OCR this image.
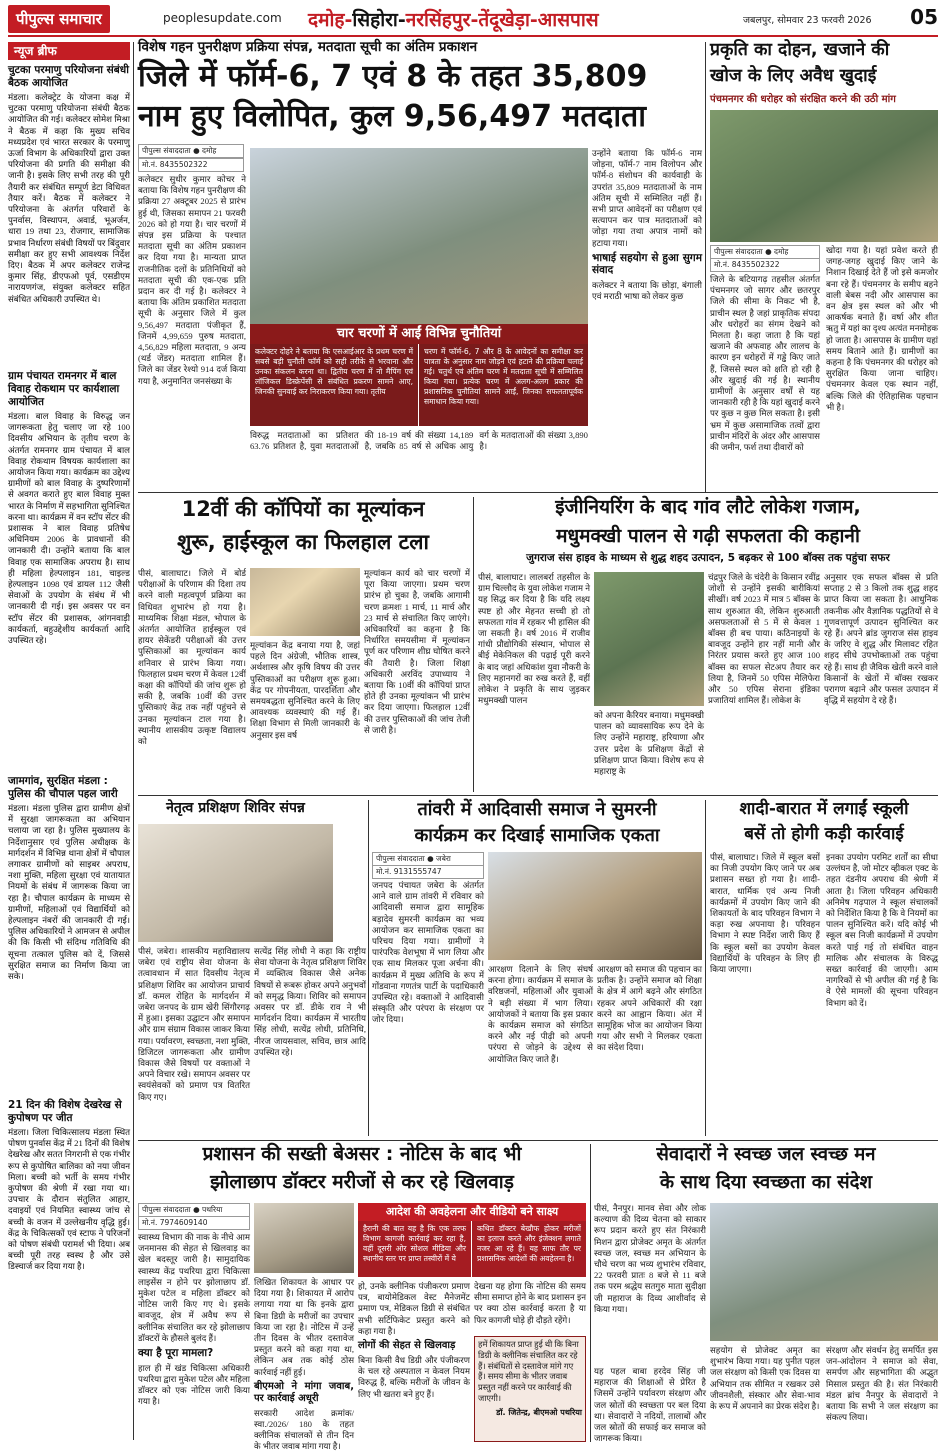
पीपुल्स समाचार	peoplesupdate.com दमोह-सिहोरा-नरसिंहपुर-तेंदूखेड़ा-आसपास	जबलपुर, सोमवार 23 फरवरी 2026 05
न्यूज ब्रीफ
चुटका परमाणु परियोजना संबंधी बैठक आयोजित
मंडला। कलेक्ट्रेट के योजना कक्ष में चुटका परमाणु परियोजना संबंधी बैठक आयोजित की गई। कलेक्टर सोमेश मिश्रा ने बैठक में कहा कि मुख्य सचिव मध्यप्रदेश एवं भारत सरकार के परमाणु ऊर्जा विभाग के अधिकारियों द्वारा उक्त परियोजना की प्रगति की समीक्षा की जानी है। इसके लिए सभी तरह की पूरी तैयारी कर संबंधित सम्पूर्ण डेटा विधिवत तैयार करें। बैठक में कलेक्टर ने परियोजना के अंतर्गत परिवारों के पुनर्वास, विस्थापन, अवार्ड, भूअर्जन, धारा 19 तथा 23, रोजगार, सामाजिक प्रभाव निर्धारण संबंधी विषयों पर बिंदुवार समीक्षा कर हुए सभी आवश्यक निर्देश दिए। बैठक में अपर कलेक्टर राजेन्द्र कुमार सिंह, डीएफओ पूर्व, एसडीएम नारायणगंज, संयुक्त कलेक्टर सहित संबंधित अधिकारी उपस्थित थे।
ग्राम पंचायत रामनगर में बाल विवाह रोकथाम पर कार्यशाला आयोजित
मंडला। बाल विवाह के विरुद्ध जन जागरूकता हेतु चलाए जा रहे 100 दिवसीय अभियान के तृतीय चरण के अंतर्गत रामनगर ग्राम पंचायत में बाल विवाह रोकथाम विषयक कार्यशाला का आयोजन किया गया। कार्यक्रम का उद्देश्य ग्रामीणों को बाल विवाह के दुष्परिणामों से अवगत कराते हुए बाल विवाह मुक्त भारत के निर्माण में सहभागिता सुनिश्चित करना था। कार्यक्रम में वन स्टॉप सेंटर की प्रशासक ने बाल विवाह प्रतिषेध अधिनियम 2006 के प्रावधानों की जानकारी दी। उन्होंने बताया कि बाल विवाह एक सामाजिक अपराध है। साथ ही महिला हेल्पलाइन 181, चाइल्ड हेल्पलाइन 1098 एवं डायल 112 जैसी सेवाओं के उपयोग के संबंध में भी जानकारी दी गई। इस अवसर पर वन स्टॉप सेंटर की प्रशासक, आंगनवाड़ी कार्यकर्ता, बहुउद्देशीय कार्यकर्ता आदि उपस्थित रहे।
जामगांव, सुरक्षित मंडला : पुलिस की चौपाल पहल जारी
मंडला। मंडला पुलिस द्वारा ग्रामीण क्षेत्रों में सुरक्षा जागरूकता का अभियान चलाया जा रहा है। पुलिस मुख्यालय के निर्देशानुसार एवं पुलिस अधीक्षक के मार्गदर्शन में विभिन्न थाना क्षेत्रों में चौपाल लगाकर ग्रामीणों को साइबर अपराध, नशा मुक्ति, महिला सुरक्षा एवं यातायात नियमों के संबंध में जागरूक किया जा रहा है। चौपाल कार्यक्रम के माध्यम से ग्रामीणों, महिलाओं एवं विद्यार्थियों को हेल्पलाइन नंबरों की जानकारी दी गई। पुलिस अधिकारियों ने आमजन से अपील की कि किसी भी संदिग्ध गतिविधि की सूचना तत्काल पुलिस को दें, जिससे सुरक्षित समाज का निर्माण किया जा सके।
21 दिन की विशेष देखरेख से कुपोषण पर जीत
मंडला। जिला चिकित्सालय मंडला स्थित पोषण पुनर्वास केंद्र में 21 दिनों की विशेष देखरेख और सतत निगरानी से एक गंभीर रूप से कुपोषित बालिका को नया जीवन मिला। बच्ची को भर्ती के समय गंभीर कुपोषण की श्रेणी में रखा गया था। उपचार के दौरान संतुलित आहार, दवाइयों एवं नियमित स्वास्थ्य जांच से बच्ची के वजन में उल्लेखनीय वृद्धि हुई। केंद्र के चिकित्सकों एवं स्टाफ ने परिजनों को पोषण संबंधी परामर्श भी दिया। अब बच्ची पूरी तरह स्वस्थ है और उसे डिस्चार्ज कर दिया गया है।
विशेष गहन पुनरीक्षण प्रक्रिया संपन्न, मतदाता सूची का अंतिम प्रकाशन
जिले में फॉर्म-6, 7 एवं 8 के तहत 35,809
नाम हुए विलोपित, कुल 9,56,497 मतदाता
पीपुल्स संवाददाता ● दमोह
मो.नं. 8435502322
चार चरणों में आईं विभिन्न चुनौतियां
कलेक्टर दोहरे ने बताया कि एसआईआर के प्रथम चरण में सबसे बड़ी चुनौती फॉर्म को सही तरीके से भरवाना और उनका संकलन करना था। द्वितीय चरण में नो मैपिंग एवं लॉजिकल डिस्क्रेपेंसी से संबंधित प्रकरण सामने आए, जिनकी सुनवाई कर निराकरण किया गया। तृतीय
चरण में फॉर्म-6, 7 और 8 के आवेदनों का समीक्षा कर पात्रता के अनुसार नाम जोड़ने एवं हटाने की प्रक्रिया चलाई गई। चतुर्थ एवं अंतिम चरण में मतदाता सूची में सम्मिलित किया गया। प्रत्येक चरण में अलग-अलग प्रकार की प्रशासनिक चुनौतियां सामने आईं, जिनका सफलतापूर्वक समाधान किया गया।
कलेक्टर सुधीर कुमार कोचर ने बताया कि विशेष गहन पुनरीक्षण की प्रक्रिया 27 अक्टूबर 2025 से प्रारंभ हुई थी, जिसका समापन 21 फरवरी 2026 को हो गया है। चार चरणों में संपन्न इस प्रक्रिया के पश्चात मतदाता सूची का अंतिम प्रकाशन कर दिया गया है। मान्यता प्राप्त राजनीतिक दलों के प्रतिनिधियों को मतदाता सूची की एक-एक प्रति प्रदान कर दी गई है। कलेक्टर ने बताया कि अंतिम प्रकाशित मतदाता सूची के अनुसार जिले में कुल 9,56,497 मतदाता पंजीकृत हैं, जिनमें 4,99,659 पुरुष मतदाता, 4,56,829 महिला मतदाता, 9 अन्य (थर्ड जेंडर) मतदाता शामिल हैं। जिले का जेंडर रेश्यो 914 दर्ज किया गया है, अनुमानित जनसंख्या के
विरुद्ध मतदाताओं का प्रतिशत 63.76 प्रतिशत है, युवा मतदाताओं की 18-19 वर्ष की संख्या 14,189 है, जबकि 85 वर्ष से अधिक आयु वर्ग के मतदाताओं की संख्या 3,890 है।
उन्होंने बताया कि फॉर्म-6 नाम जोड़ना, फॉर्म-7 नाम विलोपन और फॉर्म-8 संशोधन की कार्यवाही के उपरांत 35,809 मतदाताओं के नाम अंतिम सूची में सम्मिलित नहीं हैं। सभी प्राप्त आवेदनों का परीक्षण एवं सत्यापन कर पात्र मतदाताओं को जोड़ा गया तथा अपात्र नामों को हटाया गया।
भाषाई सहयोग से हुआ सुगम संवाद
कलेक्टर ने बताया कि छोड़ा, बंगाली एवं मराठी भाषा को लेकर कुछ
प्रकृति का दोहन, खजाने की
खोज के लिए अवैध खुदाई
पंचमनगर की धरोहर को संरक्षित करने की उठी मांग
पीपुल्स संवाददाता ● दमोह
मो.नं. 8435502322
जिले के बटियागढ़ तहसील अंतर्गत पंचमनगर जो सागर और छतरपुर जिले की सीमा के निकट भी है, प्राचीन स्थल है जहां प्राकृतिक संपदा और धरोहरों का संगम देखने को मिलता है। कहा जाता है कि यहां खजाने की अफवाह और लालच के कारण इन धरोहरों में गड्ढे किए जाते हैं, जिससे स्थल को क्षति हो रही है और खुदाई की गई है। स्थानीय ग्रामीणों के अनुसार वर्षों से यह जानकारी रही है कि यहां खुदाई करने पर कुछ न कुछ मिल सकता है। इसी भ्रम में कुछ असामाजिक तत्वों द्वारा प्राचीन मंदिरों के अंदर और आसपास की जमीन, फर्श तथा दीवारों को
खोदा गया है। यहां प्रवेश करते ही जगह-जगह खुदाई किए जाने के निशान दिखाई देते हैं जो इसे कमजोर बना रहे हैं। पंचमनगर के समीप बहने वाली बेबस नदी और आसपास का वन क्षेत्र इस स्थल को और भी आकर्षक बनाते हैं। वर्षा और शीत ऋतु में यहां का दृश्य अत्यंत मनमोहक हो जाता है। आसपास के ग्रामीण यहां समय बिताने आते हैं। ग्रामीणों का कहना है कि पंचमनगर की धरोहर को सुरक्षित किया जाना चाहिए। पंचमनगर केवल एक स्थान नहीं, बल्कि जिले की ऐतिहासिक पहचान भी है।
12वीं की कॉपियों का मूल्यांकन
शुरू, हाईस्कूल का फिलहाल टला
पीसं, बालाघाट। जिले में बोर्ड परीक्षाओं के परिणाम की दिशा तय करने वाली महत्वपूर्ण प्रक्रिया का विधिवत शुभारंभ हो गया है। माध्यमिक शिक्षा मंडल, भोपाल के अंतर्गत आयोजित हाईस्कूल एवं हायर सेकेंडरी परीक्षाओं की उत्तर पुस्तिकाओं का मूल्यांकन कार्य शनिवार से प्रारंभ किया गया। फिलहाल प्रथम चरण में केवल 12वीं कक्षा की कॉपियों की जांच शुरू हो सकी है, जबकि 10वीं की उत्तर पुस्तिकाएं केंद्र तक नहीं पहुंचने से उनका मूल्यांकन टाल गया है। स्थानीय शासकीय उत्कृष्ट विद्यालय को
मूल्यांकन केंद्र बनाया गया है, जहां पहले दिन अंग्रेजी, भौतिक शास्त्र, अर्थशास्त्र और कृषि विषय की उत्तर पुस्तिकाओं का परीक्षण शुरू हुआ। केंद्र पर गोपनीयता, पारदर्शिता और समयबद्धता सुनिश्चित करने के लिए आवश्यक व्यवस्थाएं की गई हैं। शिक्षा विभाग से मिली जानकारी के अनुसार इस वर्ष
मूल्यांकन कार्य को चार चरणों में पूरा किया जाएगा। प्रथम चरण प्रारंभ हो चुका है, जबकि आगामी चरण क्रमशः 1 मार्च, 11 मार्च और 23 मार्च से संचालित किए जाएंगे। अधिकारियों का कहना है कि निर्धारित समयसीमा में मूल्यांकन पूर्ण कर परिणाम शीघ्र घोषित करने की तैयारी है। जिला शिक्षा अधिकारी अरविंद उपाध्याय ने बताया कि 10वीं की कॉपियां प्राप्त होते ही उनका मूल्यांकन भी प्रारंभ कर दिया जाएगा। फिलहाल 12वीं की उत्तर पुस्तिकाओं की जांच तेजी से जारी है।
इंजीनियरिंग के बाद गांव लौटे लोकेश गजाम,
मधुमक्खी पालन से गढ़ी सफलता की कहानी
जुगराज संस हाइव के माध्यम से शुद्ध शहद उत्पादन, 5 बढ़कर से 100 बॉक्स तक पहुंचा सफर
पीसं, बालाघाट। लालबर्रा तहसील के ग्राम चिल्लौद के युवा लोकेश गजाम ने यह सिद्ध कर दिया है कि यदि लक्ष्य स्पष्ट हो और मेहनत सच्ची हो तो सफलता गांव में रहकर भी हासिल की जा सकती है। वर्ष 2016 में राजीव गांधी प्रौद्योगिकी संस्थान, भोपाल से बीई मेकेनिकल की पढ़ाई पूरी करने के बाद जहां अधिकांश युवा नौकरी के लिए महानगरों का रुख करते हैं, वहीं लोकेश ने प्रकृति के साथ जुड़कर मधुमक्खी पालन
को अपना कैरियर बनाया। मधुमक्खी पालन को व्यावसायिक रूप देने के लिए उन्होंने महाराष्ट्र, हरियाणा और उत्तर प्रदेश के प्रशिक्षण केंद्रों से प्रशिक्षण प्राप्त किया। विशेष रूप से महाराष्ट्र के
चंद्रपुर जिले के चंदेरी के किसान रवींद्र जोशी से उन्होंने इसकी बारीकियां सीखीं। वर्ष 2023 में मात्र 5 बॉक्स के साथ शुरुआत की, लेकिन शुरुआती असफलताओं से 5 में से केवल 1 बॉक्स ही बच पाया। कठिनाइयों के बावजूद उन्होंने हार नहीं मानी और निरंतर प्रयास करते हुए आज 100 बॉक्स का सफल सेटअप तैयार कर लिया है, जिनमें 50 एपिस मेलिफेरा और 50 एपिस सेराना इंडिका प्रजातियां शामिल हैं। लोकेश के
अनुसार एक सफल बॉक्स से प्रति सप्ताह 2 से 3 किलो तक शुद्ध शहद प्राप्त किया जा सकता है। आधुनिक तकनीक और वैज्ञानिक पद्धतियों से वे गुणवत्तापूर्ण उत्पादन सुनिश्चित कर रहे हैं। अपने ब्रांड जुगराज संस हाइव के जरिए वे शुद्ध और मिलावट रहित शहद सीधे उपभोक्ताओं तक पहुंचा रहे हैं। साथ ही जैविक खेती करने वाले किसानों के खेतों में बॉक्स रखकर परागण बढ़ाने और फसल उत्पादन में वृद्धि में सहयोग दे रहे हैं।
नेतृत्व प्रशिक्षण शिविर संपन्न
पीसं, जबेरा। शासकीय महाविद्यालय जबेरा एवं राष्ट्रीय सेवा योजना के तत्वावधान में सात दिवसीय नेतृत्व प्रशिक्षण शिविर का आयोजन प्राचार्य डॉ. कमल रोहित के मार्गदर्शन में जबेरा जनपद के ग्राम खेरी सिंगौरगढ़ में हुआ। इसका उद्घाटन और समापन और ग्राम संग्राम विकास जाकर किया गया। पर्यावरण, स्वच्छता, नशा मुक्ति, डिजिटल जागरूकता और ग्रामीण विकास जैसे विषयों पर वक्ताओं ने अपने विचार रखे। समापन अवसर पर स्वयंसेवकों को प्रमाण पत्र वितरित किए गए।
सत्येंद्र सिंह लोधी ने कहा कि राष्ट्रीय सेवा योजना के नेतृत्व प्रशिक्षण शिविर में व्यक्तित्व विकास जैसे अनेक विषयों से रूबरू होकर अपने अनुभवों को समृद्ध किया। शिविर को समापन अवसर पर डॉ. डीके राव ने भी मार्गदर्शन दिया। कार्यक्रम में भारतीय सिंह लोधी, सत्येंद्र लोधी, प्रतिनिधि, नीरज जायसवाल, सचिव, छात्र आदि उपस्थित रहे।
तांवरी में आदिवासी समाज ने सुमरनी
कार्यक्रम कर दिखाई सामाजिक एकता
पीपुल्स संवाददाता ● जबेरा
मो.नं. 9131555747
जनपद पंचायत जबेरा के अंतर्गत आने वाले ग्राम तांवरी में रविवार को आदिवासी समाज द्वारा सामूहिक बड़ादेव सुमरनी कार्यक्रम का भव्य आयोजन कर सामाजिक एकता का परिचय दिया गया। ग्रामीणों ने पारंपरिक वेशभूषा में भाग लिया और एक साथ मिलकर पूजा अर्चना की। कार्यक्रम में मुख्य अतिथि के रूप में गोंडवाना गणतंत्र पार्टी के पदाधिकारी उपस्थित रहे। वक्ताओं ने आदिवासी संस्कृति और परंपरा के संरक्षण पर जोर दिया।
आरक्षण दिलाने के लिए संघर्ष करना होगा। कार्यक्रम में समाज के वरिष्ठजनों, महिलाओं और युवाओं ने बड़ी संख्या में भाग लिया। आयोजकों ने बताया कि इस प्रकार के कार्यक्रम समाज को संगठित करने और नई पीढ़ी को अपनी परंपरा से जोड़ने के उद्देश्य से आयोजित किए जाते हैं।
आरक्षण को समाज की पहचान का प्रतीक है। उन्होंने समाज को शिक्षा के क्षेत्र में आगे बढ़ने और संगठित रहकर अपने अधिकारों की रक्षा करने का आह्वान किया। अंत में सामूहिक भोज का आयोजन किया गया और सभी ने मिलकर एकता का संदेश दिया।
शादी-बारात में लगाईं स्कूली
बसें तो होगी कड़ी कार्रवाई
पीसं, बालाघाट। जिले में स्कूल बसों का निजी उपयोग किए जाने पर अब प्रशासन सख्त हो गया है। शादी-बारात, धार्मिक एवं अन्य निजी कार्यक्रमों में उपयोग किए जाने की शिकायतों के बाद परिवहन विभाग ने कड़ा रुख अपनाया है। परिवहन विभाग ने स्पष्ट निर्देश जारी किए हैं कि स्कूल बसों का उपयोग केवल विद्यार्थियों के परिवहन के लिए ही किया जाएगा।
इनका उपयोग परमिट शर्तों का सीधा उल्लंघन है, जो मोटर व्हीकल एक्ट के तहत दंडनीय अपराध की श्रेणी में आता है। जिला परिवहन अधिकारी अनिमेष गढ़पाल ने स्कूल संचालकों को निर्देशित किया है कि वे नियमों का पालन सुनिश्चित करें। यदि कोई भी स्कूल बस निजी कार्यक्रमों में उपयोग करते पाई गई तो संबंधित वाहन मालिक और संचालक के विरुद्ध सख्त कार्रवाई की जाएगी। आम नागरिकों से भी अपील की गई है कि वे ऐसे मामलों की सूचना परिवहन विभाग को दें।
प्रशासन की सख्ती बेअसर : नोटिस के बाद भी
झोलाछाप डॉक्टर मरीजों से कर रहे खिलवाड़
पीपुल्स संवाददाता ● पथरिया
मो.नं. 7974609140
स्वास्थ्य विभाग की नाक के नीचे आम जनमानस की सेहत से खिलवाड़ का खेल बदस्तूर जारी है। सामुदायिक स्वास्थ्य केंद्र पथरिया द्वारा चिकित्सा लाइसेंस न होने पर झोलाछाप डॉ. मुकेश पटेल व महिला डॉक्टर को नोटिस जारी किए गए थे। इसके बावजूद, क्षेत्र में अवैध रूप से क्लीनिक संचालित कर रहे झोलाछाप डॉक्टरों के हौसले बुलंद हैं।
क्या है पूरा मामला?
हाल ही में खंड चिकित्सा अधिकारी पथरिया द्वारा मुकेश पटेल और महिला डॉक्टर को एक नोटिस जारी किया गया है।
लिखित शिकायत के आधार पर दिया गया है। शिकायत में आरोप लगाया गया था कि इनके द्वारा बिना डिग्री के मरीजों का उपचार किया जा रहा है। नोटिस में उन्हें तीन दिवस के भीतर दस्तावेज प्रस्तुत करने को कहा गया था, लेकिन अब तक कोई ठोस कार्रवाई नहीं हुई।
बीएमओ ने मांगा जवाब, पर कार्रवाई अधूरी
सरकारी आदेश क्रमांक/ स्वा./2026/ 180 के तहत क्लीनिक संचालकों से तीन दिन के भीतर जवाब मांगा गया है।
आदेश की अवहेलना और वीडियो बने साक्ष्य
हैरानी की बात यह है कि एक तरफ विभाग कागजी कार्रवाई कर रहा है, वहीं दूसरी ओर सोशल मीडिया और स्थानीय स्तर पर प्राप्त तस्वीरों में ये
कथित डॉक्टर बेखौफ होकर मरीजों का इलाज करते और इंजेक्शन लगाते नजर आ रहे हैं। यह साफ तौर पर प्रशासनिक आदेशों की अवहेलना है।
हो, उनके क्लीनिक पंजीकरण प्रमाण पत्र, बायोमेडिकल वेस्ट मैनेजमेंट प्रमाण पत्र, मेडिकल डिग्री से संबंधित सभी सर्टिफिकेट प्रस्तुत करने को कहा गया है।
लोगों की सेहत से खिलवाड़
बिना किसी वैध डिग्री और पंजीकरण के चल रहे अस्पताल न केवल नियम विरुद्ध हैं, बल्कि मरीजों के जीवन के लिए भी खतरा बने हुए हैं।
देखना यह होगा कि नोटिस की समय सीमा समाप्त होने के बाद प्रशासन इन पर क्या ठोस कार्रवाई करता है या फिर कागजी घोड़े ही दौड़ते रहेंगे।
हमें शिकायत प्राप्त हुई थी कि बिना डिग्री के क्लीनिक संचालित कर रहे हैं। संबंधितों से दस्तावेज मांगे गए हैं। समय सीमा के भीतर जवाब प्रस्तुत नहीं करने पर कार्रवाई की जाएगी।
डॉ. जितेन्द्र, बीएमओ पथरिया
सेवादारों ने स्वच्छ जल स्वच्छ मन
के साथ दिया स्वच्छता का संदेश
पीसं, नैनपुर। मानव सेवा और लोक कल्याण की दिव्य चेतना को साकार रूप प्रदान करते हुए संत निरंकारी मिशन द्वारा प्रोजेक्ट अमृत के अंतर्गत स्वच्छ जल, स्वच्छ मन अभियान के चौथे चरण का भव्य शुभारंभ रविवार, 22 फरवरी प्रातः 8 बजे से 11 बजे तक परम श्रद्धेय सतगुरु माता सुदीक्षा जी महाराज के दिव्य आशीर्वाद से किया गया।
यह पहल बाबा हरदेव सिंह जी महाराज की शिक्षाओं से प्रेरित है जिसमें उन्होंने पर्यावरण संरक्षण और जल स्रोतों की स्वच्छता पर बल दिया था। सेवादारों ने नदियों, तालाबों और जल स्रोतों की सफाई कर समाज को जागरूक किया।
सहयोग से प्रोजेक्ट अमृत का शुभारंभ किया गया। यह पुनीत पहल जल संरक्षण को किसी एक दिवस या अभियान तक सीमित न रखकर उसे जीवनशैली, संस्कार और सेवा-भाव के रूप में अपनाने का प्रेरक संदेश है।
संरक्षण और संवर्धन हेतु समर्पित इस जन-आंदोलन ने समाज को सेवा, समर्पण और सहभागिता की अद्भुत मिसाल प्रस्तुत की है। संत निरंकारी मंडल ब्रांच नैनपुर के सेवादारों ने बताया कि सभी ने जल संरक्षण का संकल्प लिया।
